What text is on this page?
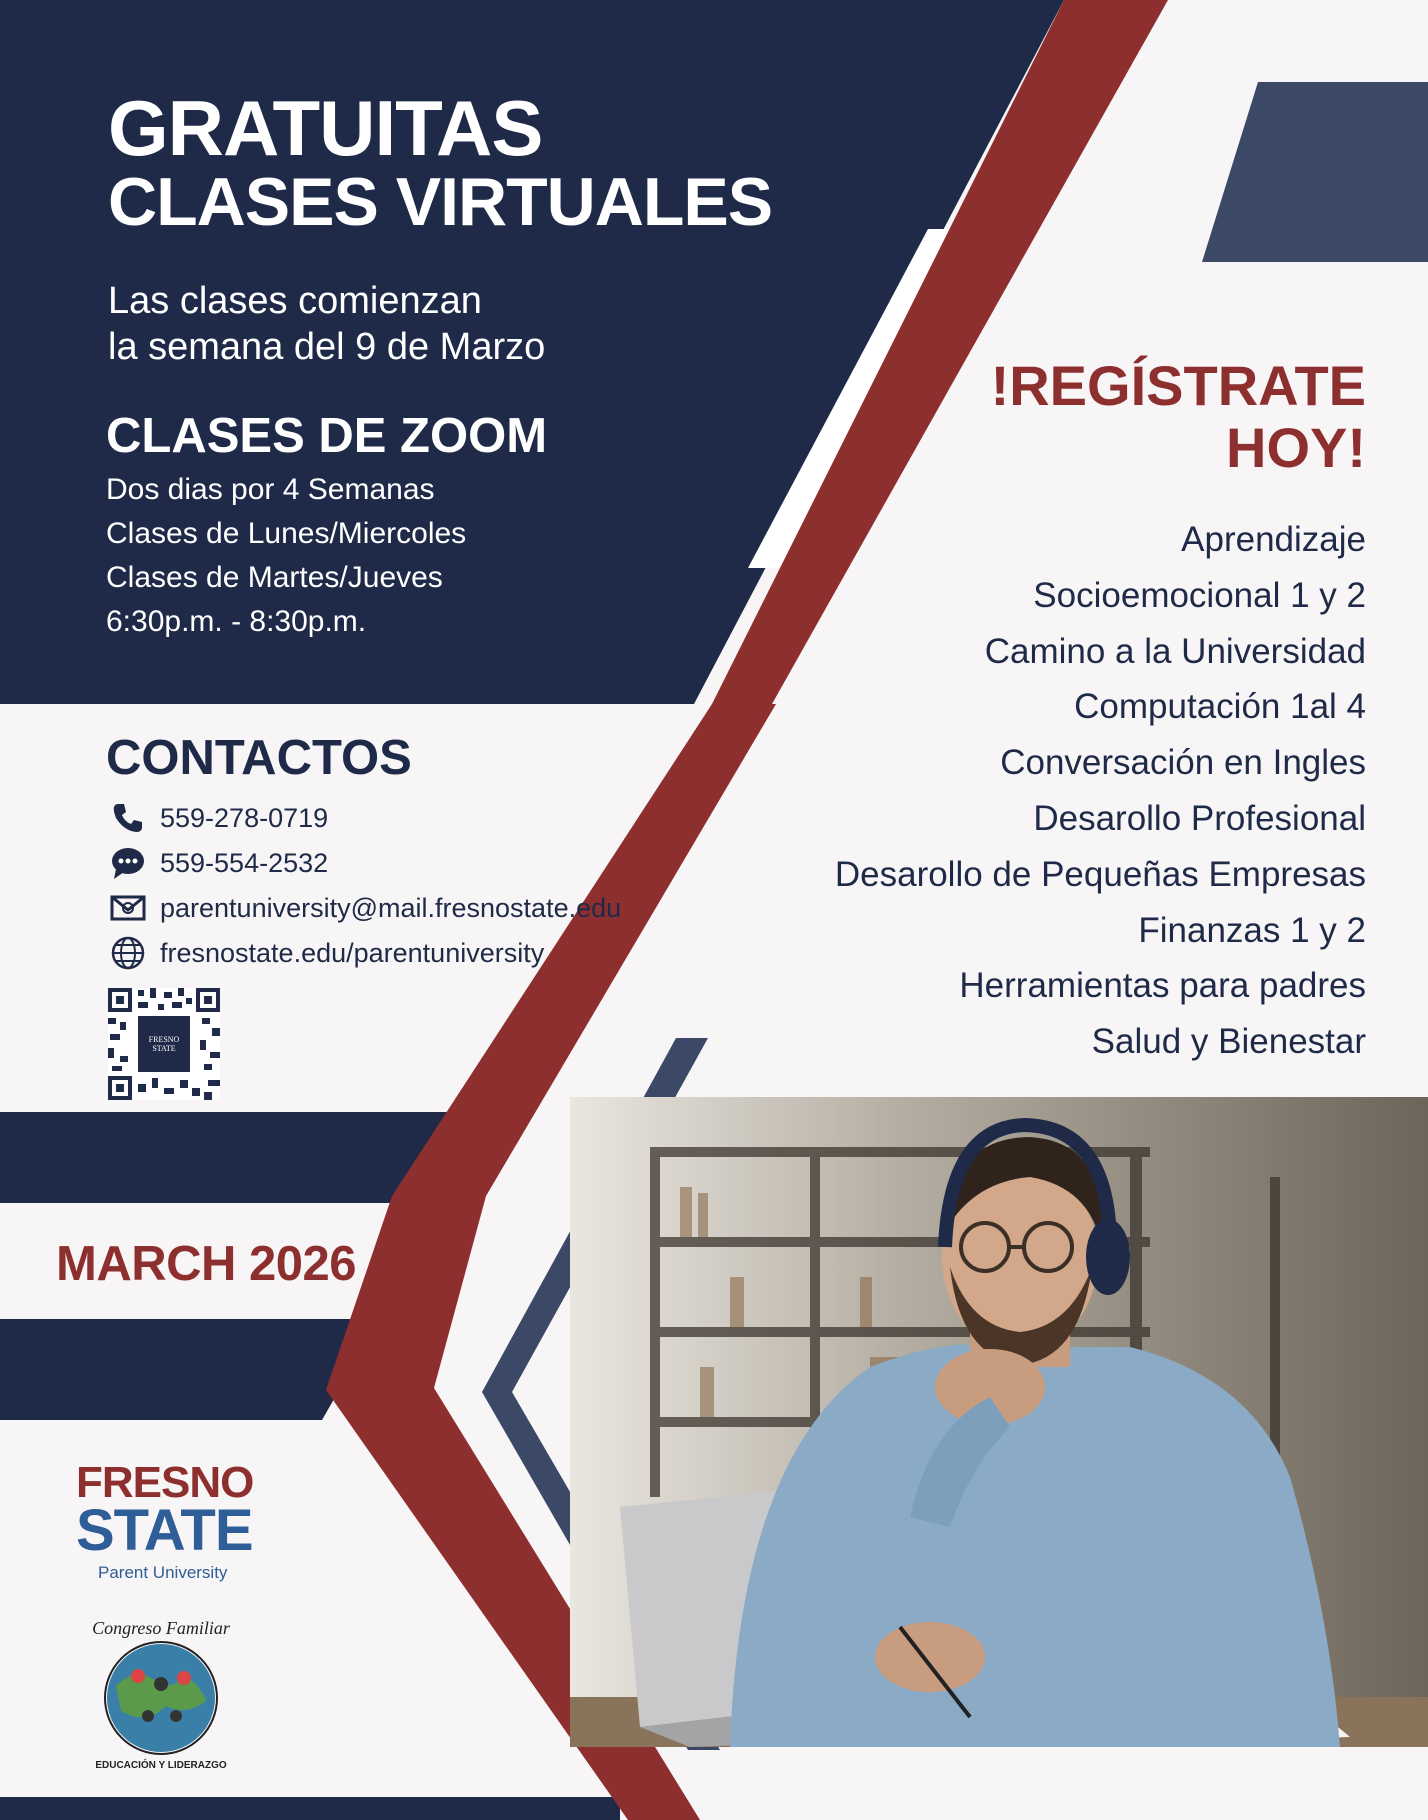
GRATUITAS
CLASES VIRTUALES
Las clases comienzan
la semana del 9 de Marzo
CLASES DE ZOOM
Dos dias por 4 Semanas
Clases de Lunes/Miercoles
Clases de Martes/Jueves
6:30p.m. - 8:30p.m.
CONTACTOS
559-278-0719
559-554-2532
parentuniversity@mail.fresnostate.edu
fresnostate.edu/parentuniversity
FRESNO
STATE
!REGÍSTRATE
HOY!
Aprendizaje
Socioemocional 1 y 2
Camino a la Universidad
Computación 1al 4
Conversación en Ingles
Desarollo Profesional
Desarollo de Pequeñas Empresas
Finanzas 1 y 2
Herramientas para padres
Salud y Bienestar
MARCH 2026
FRESNO
STATE
Parent University
Congreso Familiar
EDUCACIÓN Y LIDERAZGO
